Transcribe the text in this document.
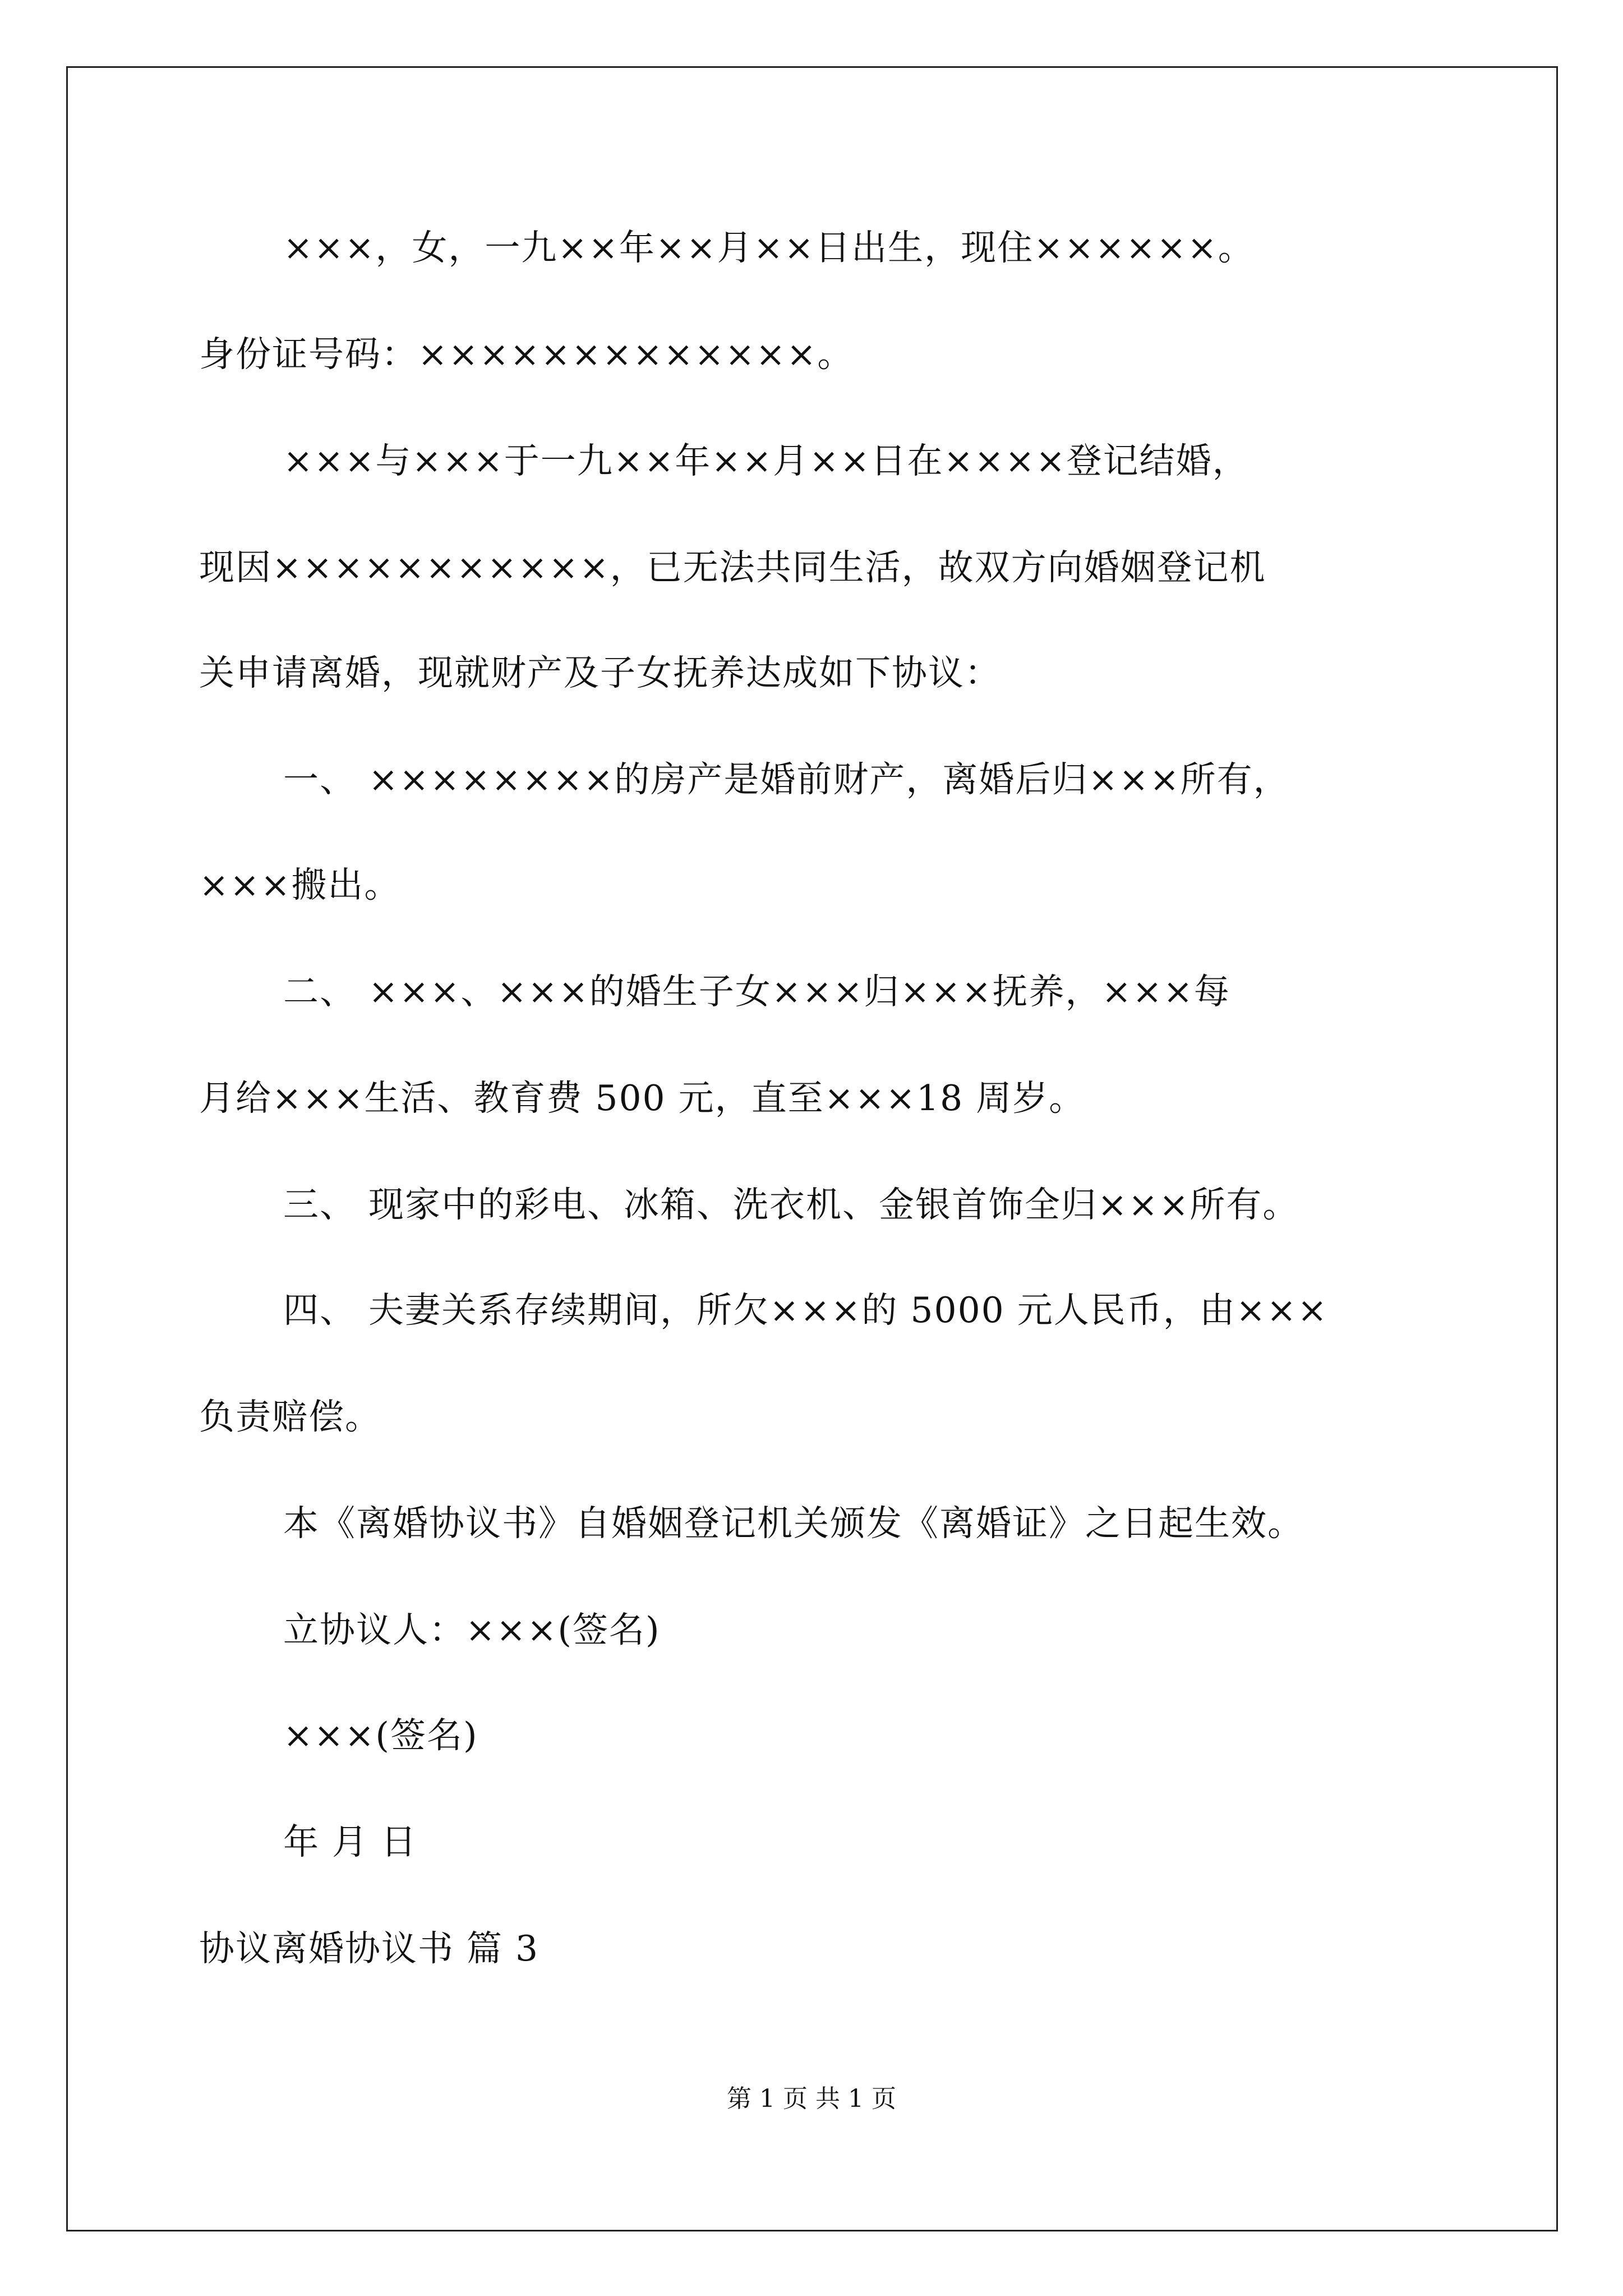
×××，女，一九××年××月××日出生，现住××××××。
身份证号码：×××××××××××××。
×××与×××于一九××年××月××日在××××登记结婚，
现因×××××××××××，已无法共同生活，故双方向婚姻登记机
关申请离婚，现就财产及子女抚养达成如下协议：
一、 ××××××××的房产是婚前财产，离婚后归×××所有，
×××搬出。
二、 ×××、×××的婚生子女×××归×××抚养，×××每
月给×××生活、教育费 500 元，直至×××18 周岁。
三、 现家中的彩电、冰箱、洗衣机、金银首饰全归×××所有。
四、 夫妻关系存续期间，所欠×××的 5000 元人民币，由×××
负责赔偿。
本《离婚协议书》自婚姻登记机关颁发《离婚证》之日起生效。
立协议人：×××(签名)
×××(签名)
年 月 日
协议离婚协议书 篇 3
第 1 页 共 1 页
